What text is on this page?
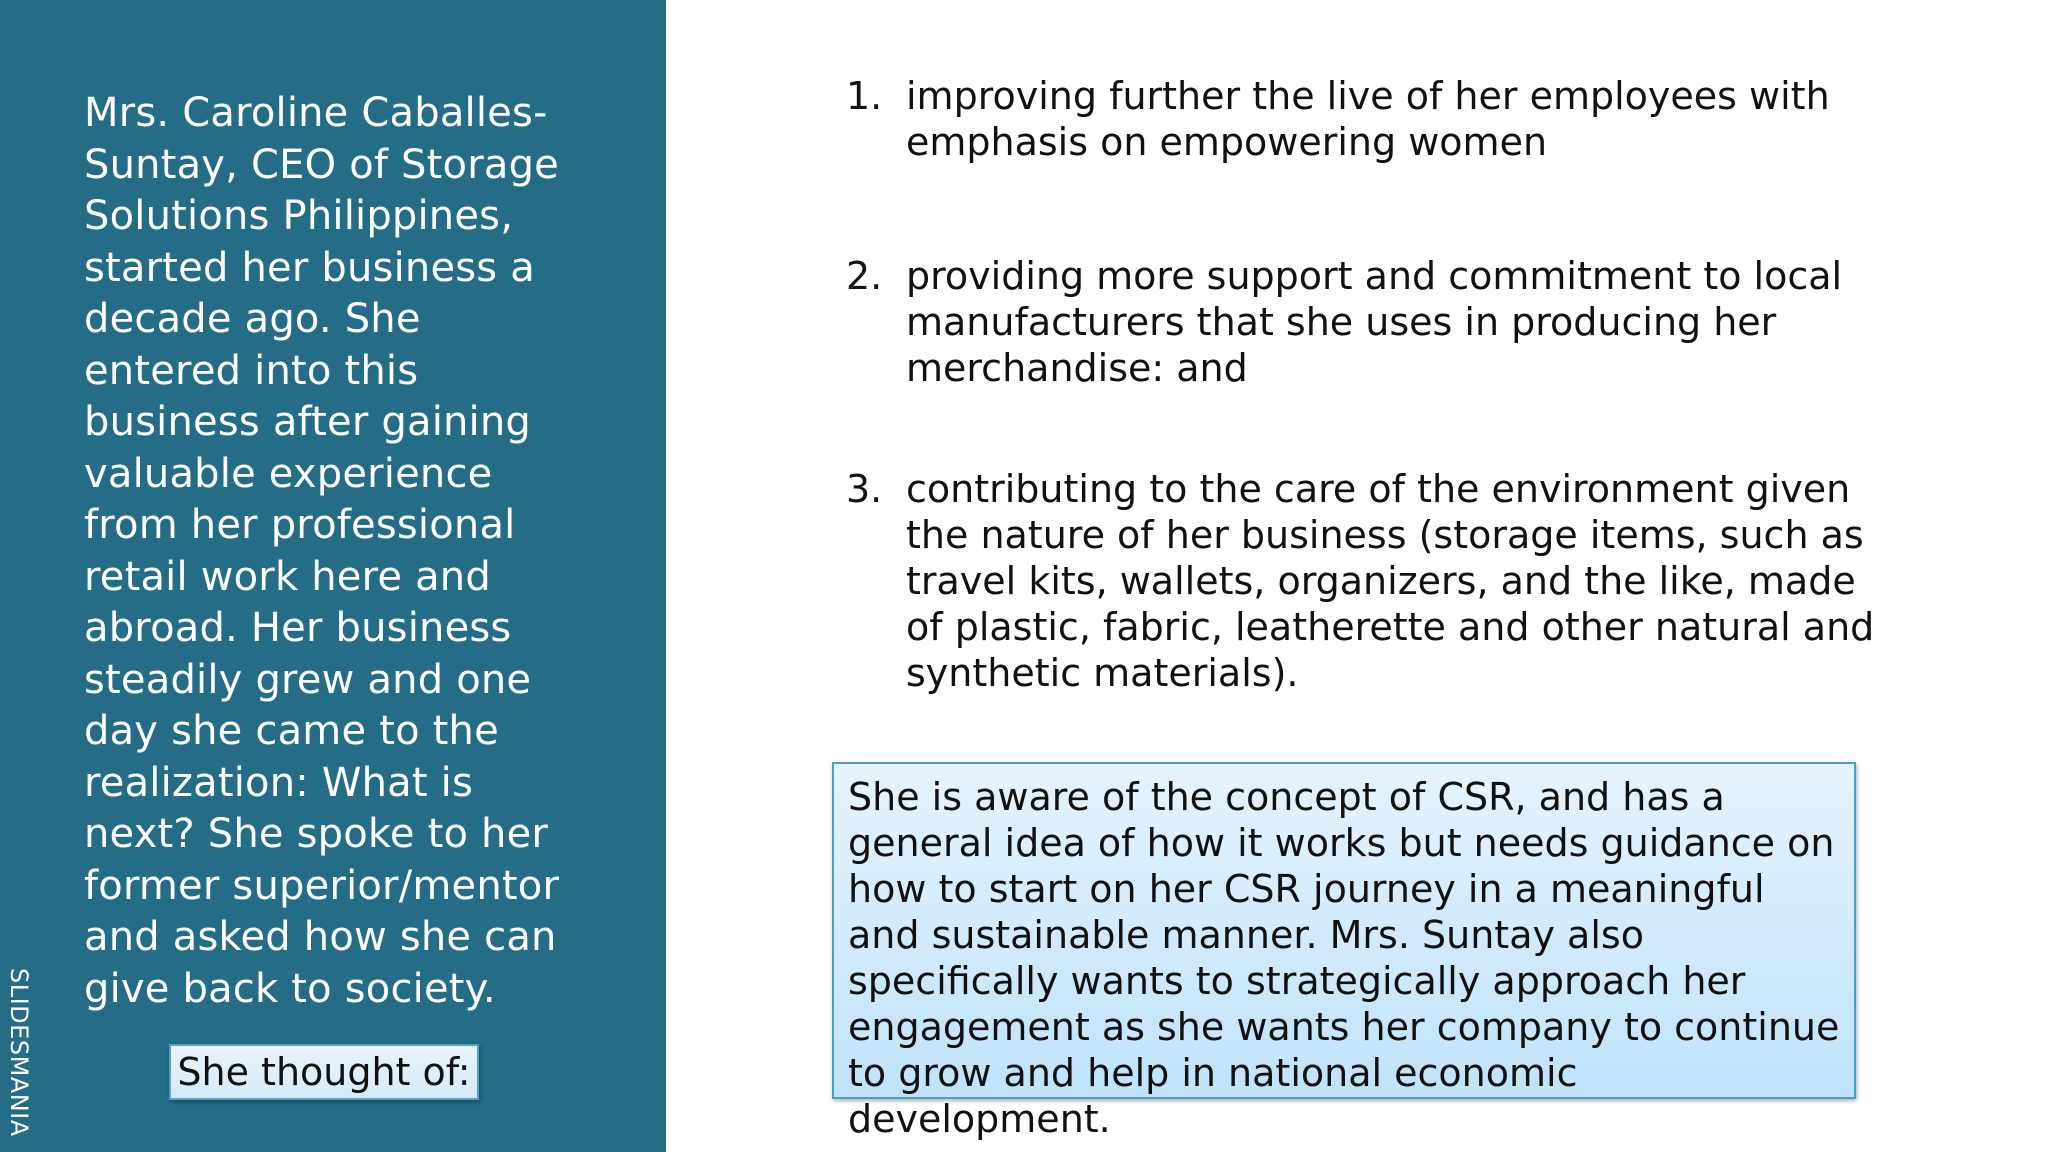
Mrs. Caroline Caballes-Suntay, CEO of Storage Solutions Philippines, started her business a decade ago. She entered into this business after gaining valuable experience from her professional retail work here and abroad. Her business steadily grew and one day she came to the realization: What is next? She spoke to her former superior/mentor and asked how she can give back to society.

SLIDESMANIA	She thought of:
1. improving further the live of her employees with emphasis on empowering women
2. providing more support and commitment to local manufacturers that she uses in producing her merchandise: and
3. contributing to the care of the environment given the nature of her business (storage items, such as travel kits, wallets, organizers, and the like, made of plastic, fabric, leatherette and other natural and synthetic materials).
She is aware of the concept of CSR, and has a general idea of how it works but needs guidance on how to start on her CSR journey in a meaningful and sustainable manner. Mrs. Suntay also specifically wants to strategically approach her engagement as she wants her company to continue to grow and help in national economic development.
